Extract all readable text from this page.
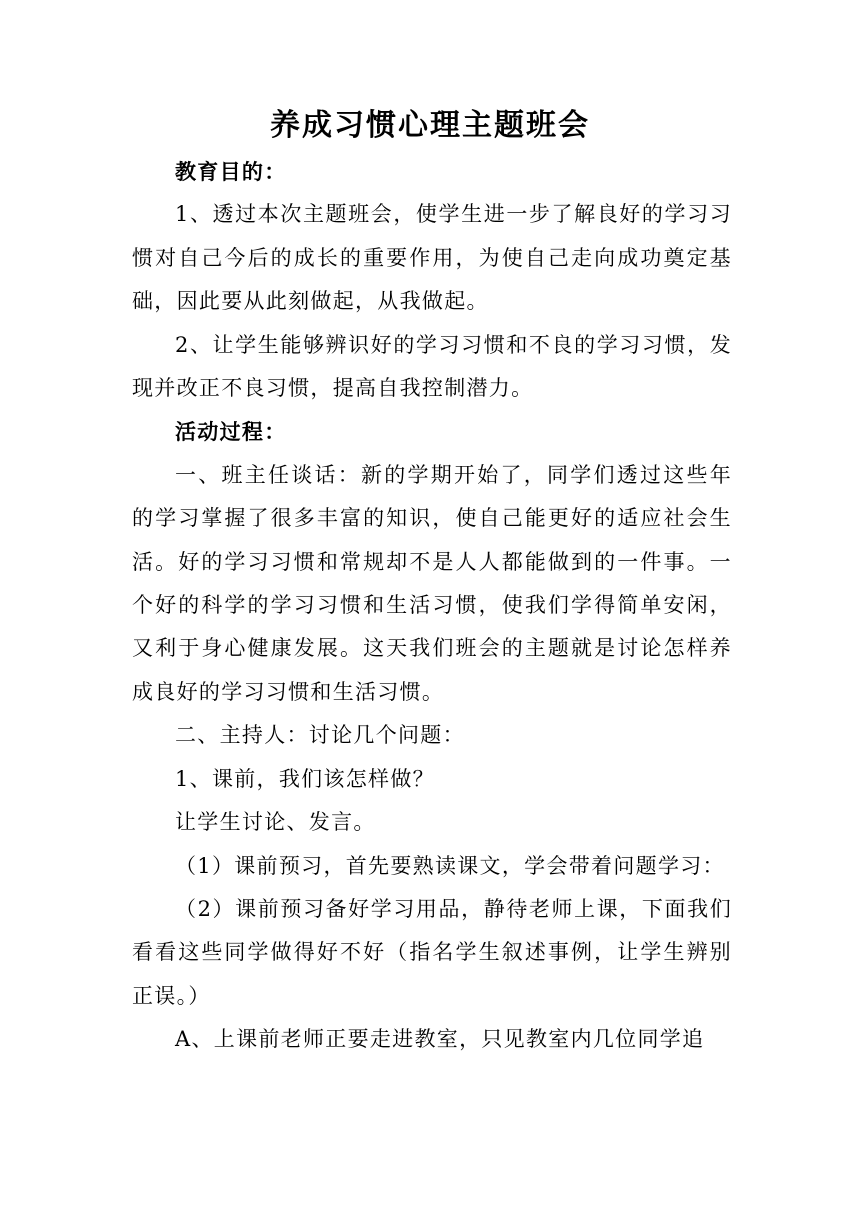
养成习惯心理主题班会

教育目的：

1、透过本次主题班会，使学生进一步了解良好的学习习惯对自己今后的成长的重要作用，为使自己走向成功奠定基础，因此要从此刻做起，从我做起。

2、让学生能够辨识好的学习习惯和不良的学习习惯，发现并改正不良习惯，提高自我控制潜力。

活动过程：

一、班主任谈话：新的学期开始了，同学们透过这些年的学习掌握了很多丰富的知识，使自己能更好的适应社会生活。好的学习习惯和常规却不是人人都能做到的一件事。一个好的科学的学习习惯和生活习惯，使我们学得简单安闲，又利于身心健康发展。这天我们班会的主题就是讨论怎样养成良好的学习习惯和生活习惯。

二、主持人：讨论几个问题：

1、课前，我们该怎样做？

让学生讨论、发言。

（1）课前预习，首先要熟读课文，学会带着问题学习：

（2）课前预习备好学习用品，静待老师上课，下面我们看看这些同学做得好不好（指名学生叙述事例，让学生辨别正误。）

A、上课前老师正要走进教室，只见教室内几位同学追
